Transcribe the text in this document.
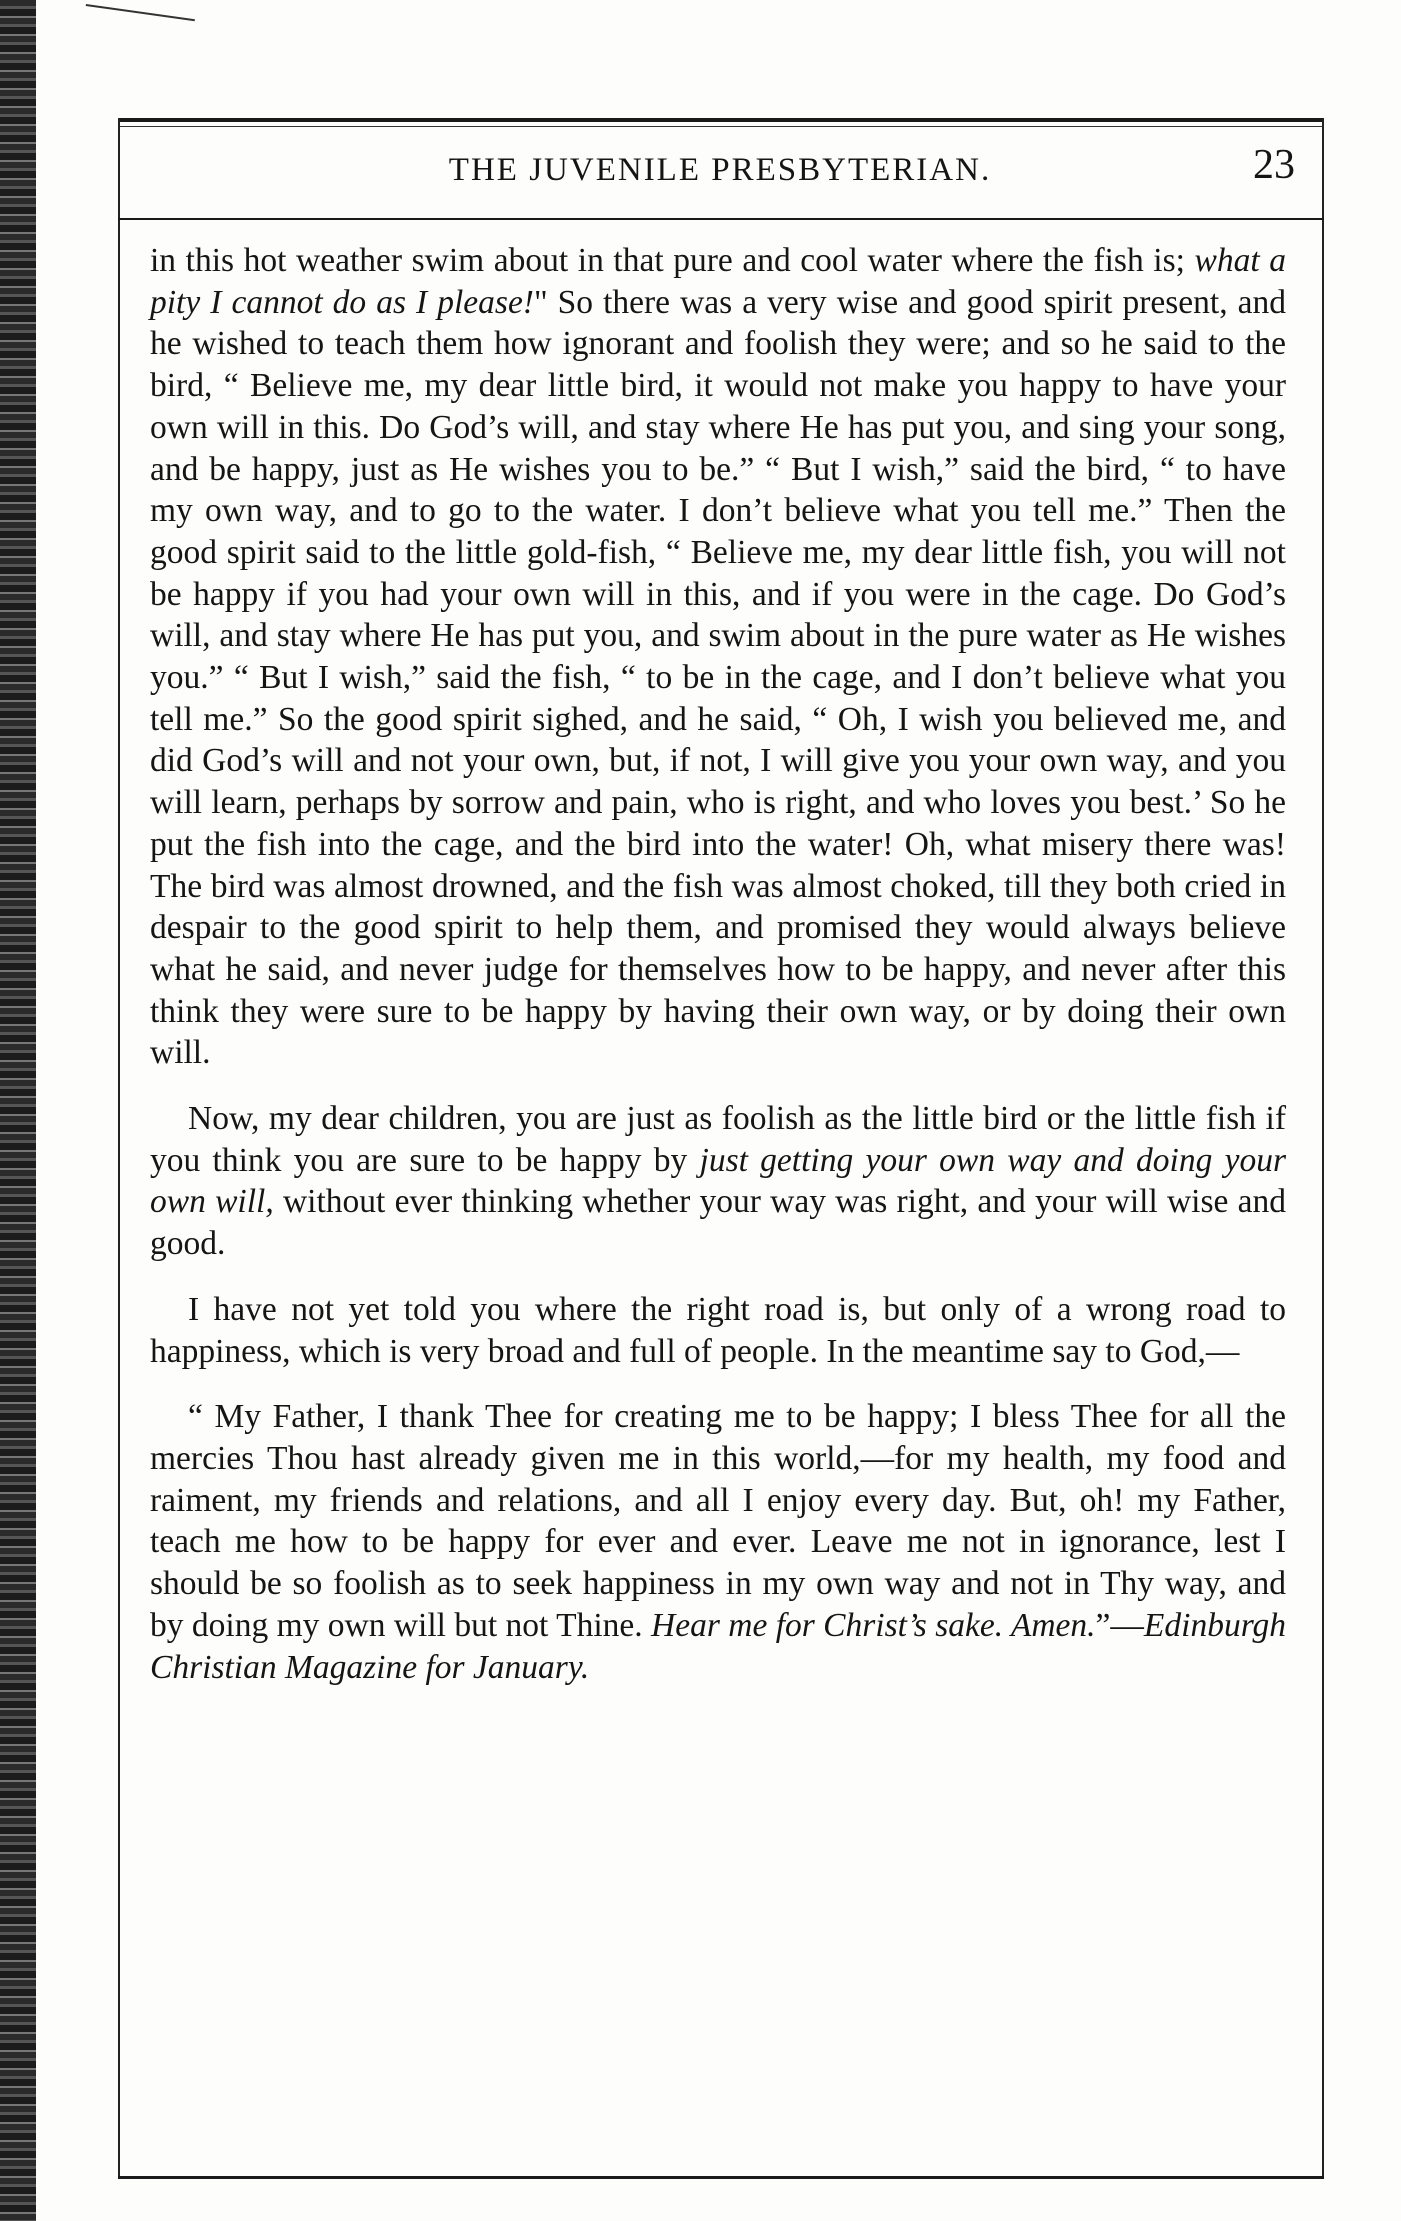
THE JUVENILE PRESBYTERIAN.	23

in this hot weather swim about in that pure and cool water where the fish is; what a pity I cannot do as I please!" So there was a very wise and good spirit present, and he wished to teach them how ignorant and foolish they were; and so he said to the bird, “ Believe me, my dear little bird, it would not make you happy to have your own will in this. Do God’s will, and stay where He has put you, and sing your song, and be happy, just as He wishes you to be.” “ But I wish,” said the bird, “ to have my own way, and to go to the water. I don’t believe what you tell me.” Then the good spirit said to the little gold-fish, “ Believe me, my dear little fish, you will not be happy if you had your own will in this, and if you were in the cage. Do God’s will, and stay where He has put you, and swim about in the pure water as He wishes you.” “ But I wish,” said the fish, “ to be in the cage, and I don’t believe what you tell me.” So the good spirit sighed, and he said, “ Oh, I wish you believed me, and did God’s will and not your own, but, if not, I will give you your own way, and you will learn, perhaps by sorrow and pain, who is right, and who loves you best.’ So he put the fish into the cage, and the bird into the water! Oh, what misery there was! The bird was almost drowned, and the fish was almost choked, till they both cried in despair to the good spirit to help them, and promised they would always believe what he said, and never judge for themselves how to be happy, and never after this think they were sure to be happy by having their own way, or by doing their own will.

Now, my dear children, you are just as foolish as the little bird or the little fish if you think you are sure to be happy by just getting your own way and doing your own will, without ever thinking whether your way was right, and your will wise and good.

I have not yet told you where the right road is, but only of a wrong road to happiness, which is very broad and full of people. In the meantime say to God,—

“ My Father, I thank Thee for creating me to be happy; I bless Thee for all the mercies Thou hast already given me in this world,—for my health, my food and raiment, my friends and relations, and all I enjoy every day. But, oh! my Father, teach me how to be happy for ever and ever. Leave me not in ignorance, lest I should be so foolish as to seek happiness in my own way and not in Thy way, and by doing my own will but not Thine. Hear me for Christ’s sake. Amen.”—Edinburgh Christian Magazine for January.
